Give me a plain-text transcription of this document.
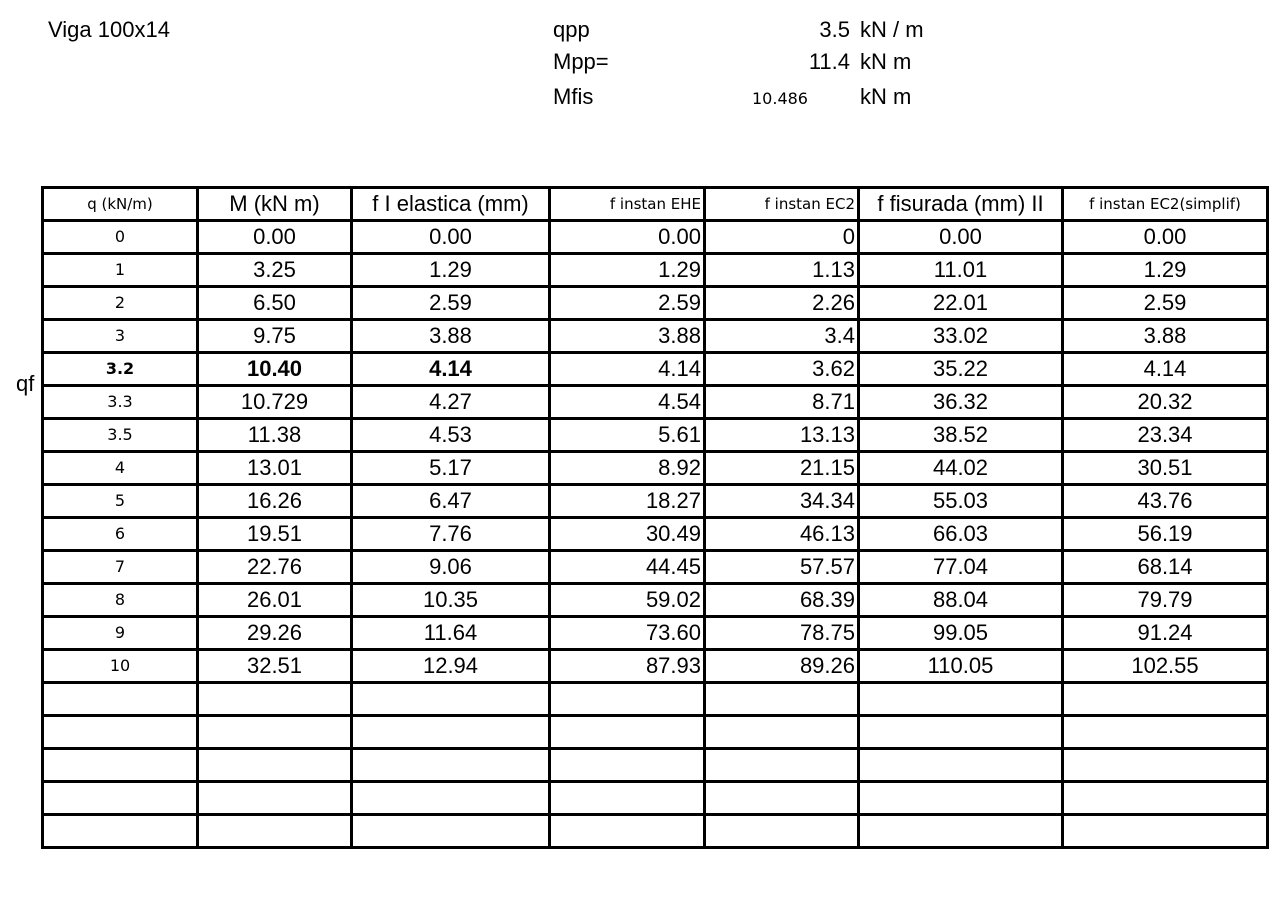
Viga 100x14	qpp	3.5 kN / m
Mpp=	11.4 kN m
Mfis	10.486 kN m
qf
q (kN/m)	M (kN m)	f I elastica (mm)	f instan EHE	f instan EC2	f fisurada (mm) II	f instan EC2(simplif)
0	0.00	0.00	0.00	0	0.00	0.00
1	3.25	1.29	1.29	1.13	11.01	1.29
2	6.50	2.59	2.59	2.26	22.01	2.59
3	9.75	3.88	3.88	3.4	33.02	3.88
3.2	10.40	4.14	4.14	3.62	35.22	4.14
3.3	10.729	4.27	4.54	8.71	36.32	20.32
3.5	11.38	4.53	5.61	13.13	38.52	23.34
4	13.01	5.17	8.92	21.15	44.02	30.51
5	16.26	6.47	18.27	34.34	55.03	43.76
6	19.51	7.76	30.49	46.13	66.03	56.19
7	22.76	9.06	44.45	57.57	77.04	68.14
8	26.01	10.35	59.02	68.39	88.04	79.79
9	29.26	11.64	73.60	78.75	99.05	91.24
10	32.51	12.94	87.93	89.26	110.05	102.55
